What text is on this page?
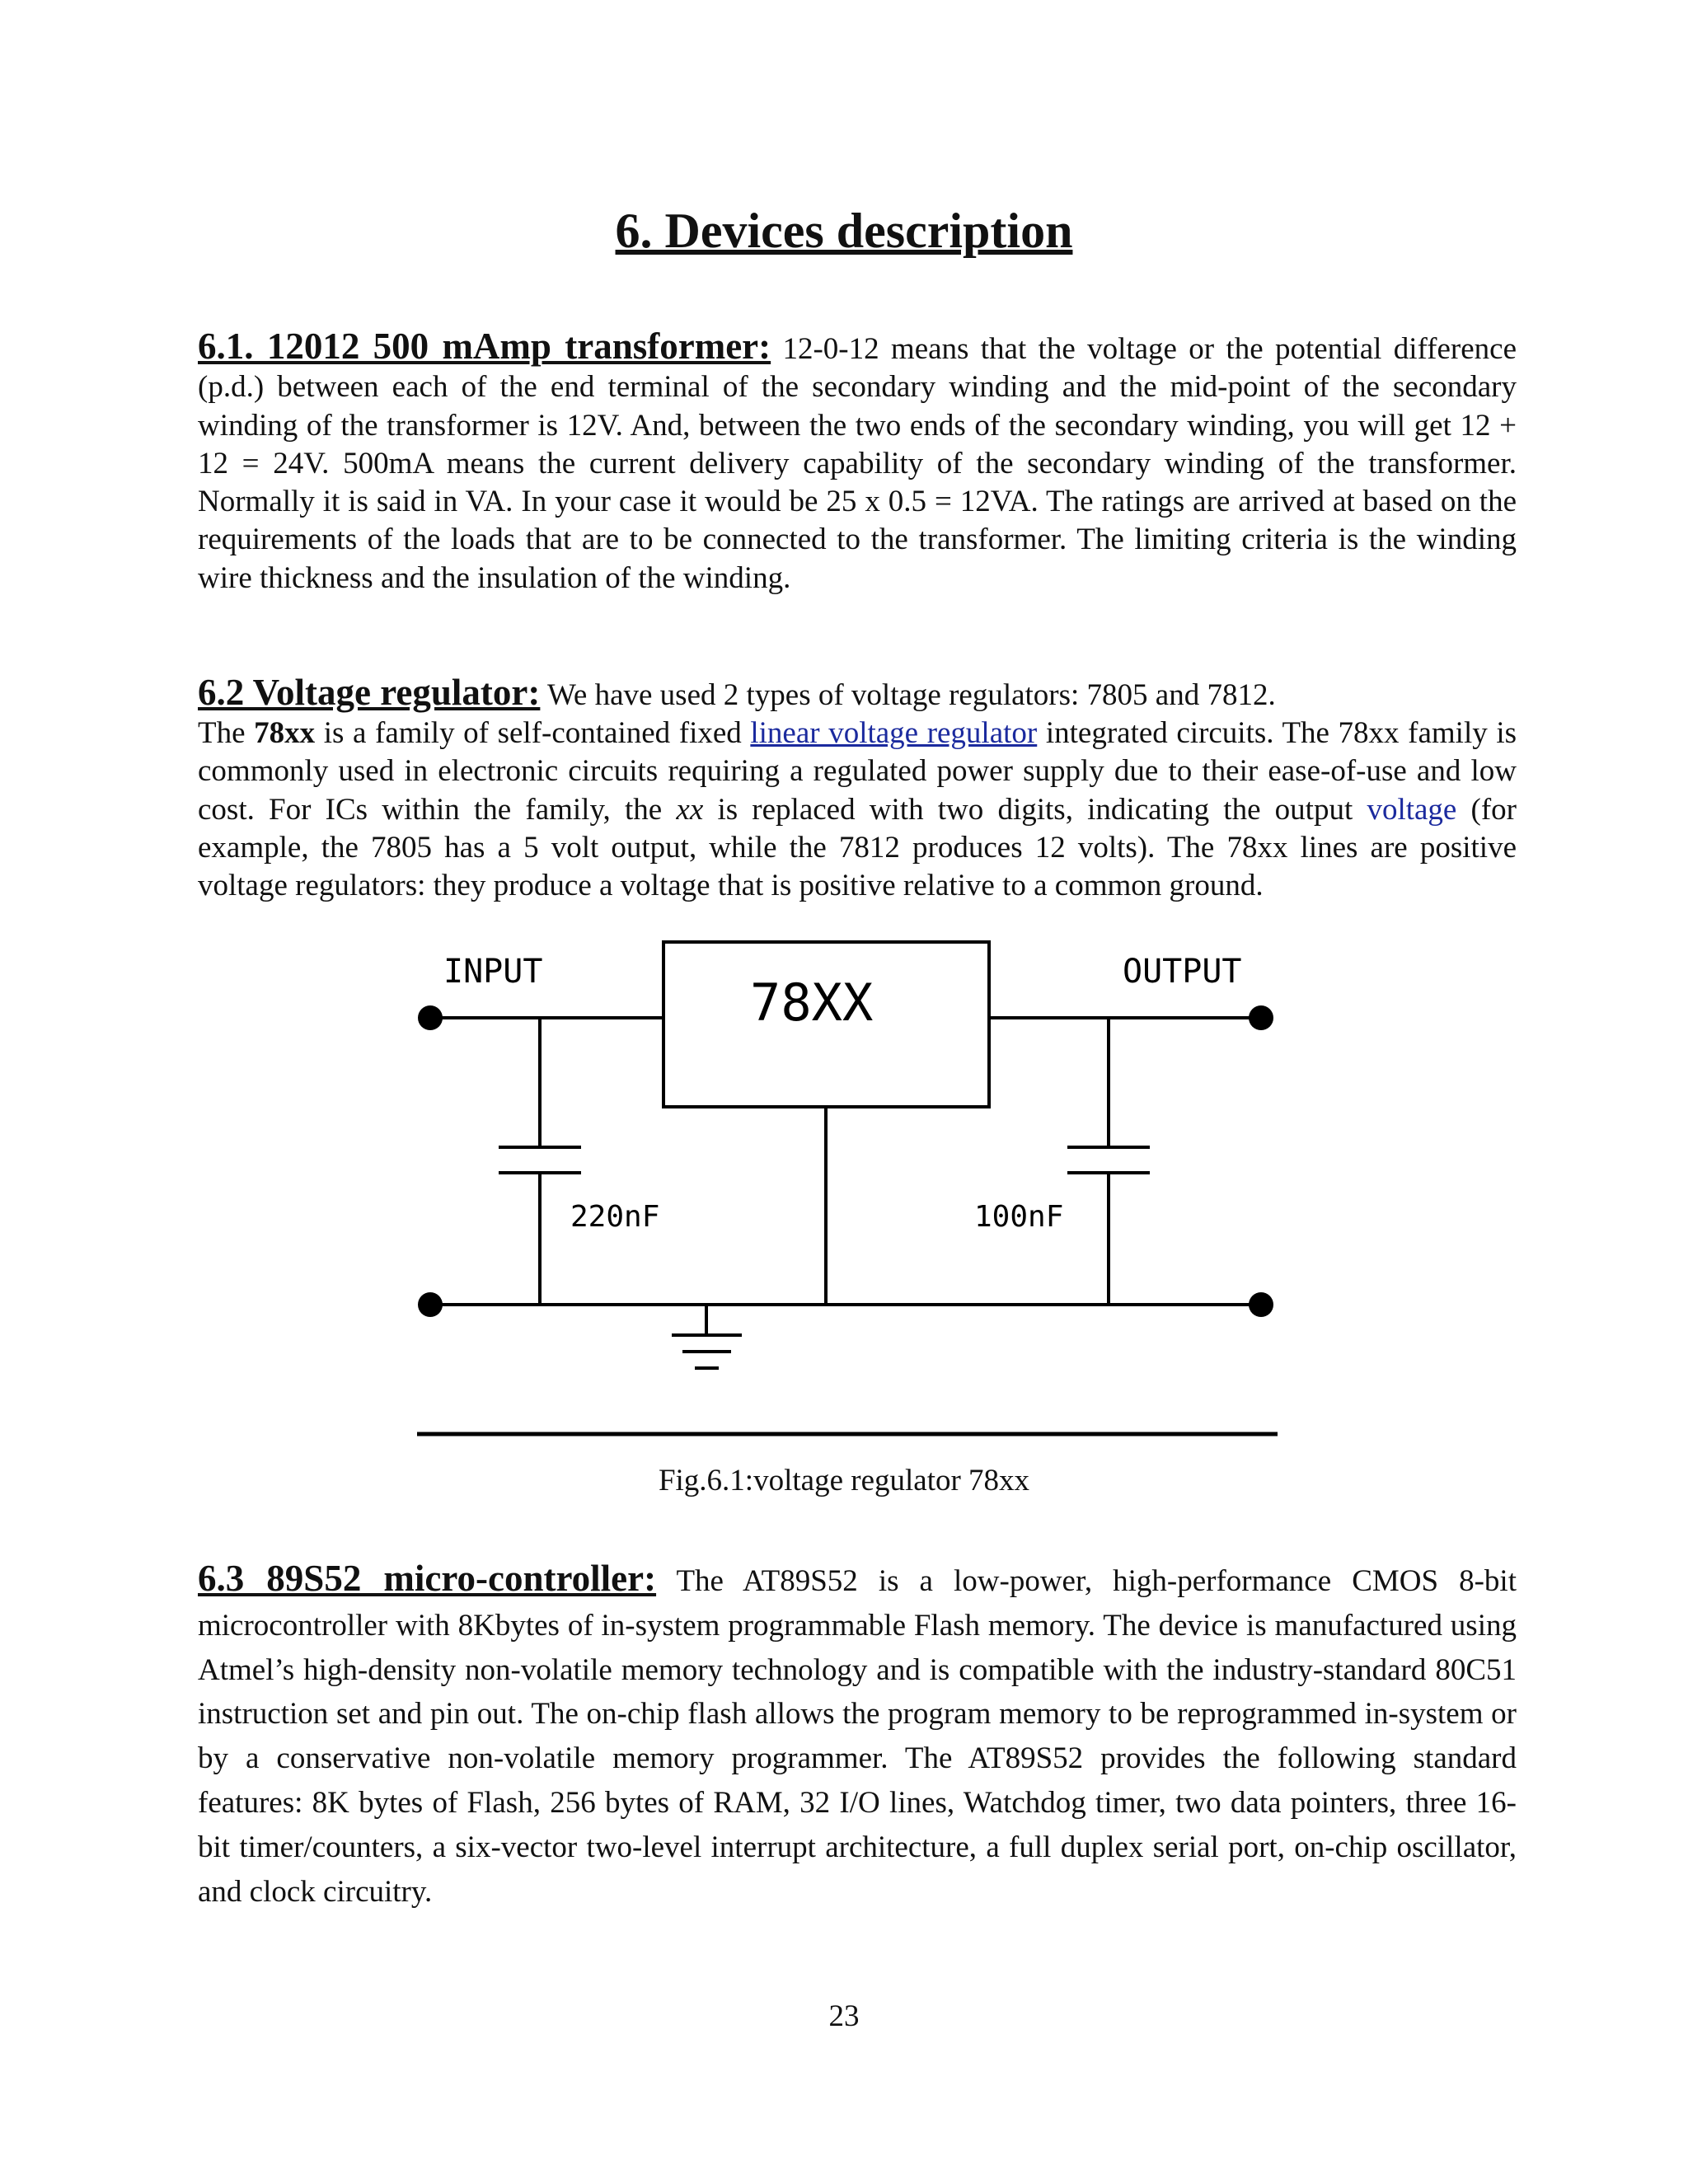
6. Devices description

6.1. 12012 500 mAmp transformer: 12-0-12 means that the voltage or the potential difference (p.d.) between each of the end terminal of the secondary winding and the mid-point of the secondary winding of the transformer is 12V. And, between the two ends of the secondary winding, you will get 12 + 12 = 24V. 500mA means the current delivery capability of the secondary winding of the transformer. Normally it is said in VA. In your case it would be 25 x 0.5 = 12VA. The ratings are arrived at based on the requirements of the loads that are to be connected to the transformer. The limiting criteria is the winding wire thickness and the insulation of the winding.

6.2 Voltage regulator: We have used 2 types of voltage regulators: 7805 and 7812.
The 78xx is a family of self-contained fixed linear voltage regulator integrated circuits. The 78xx family is commonly used in electronic circuits requiring a regulated power supply due to their ease-of-use and low cost. For ICs within the family, the xx is replaced with two digits, indicating the output voltage (for example, the 7805 has a 5 volt output, while the 7812 produces 12 volts). The 78xx lines are positive voltage regulators: they produce a voltage that is positive relative to a common ground.

INPUT	OUTPUT
78XX
220nF	100nF

Fig.6.1:voltage regulator 78xx

6.3 89S52 micro-controller: The AT89S52 is a low-power, high-performance CMOS 8-bit microcontroller with 8Kbytes of in-system programmable Flash memory. The device is manufactured using Atmel’s high-density non-volatile memory technology and is compatible with the industry-standard 80C51 instruction set and pin out. The on-chip flash allows the program memory to be reprogrammed in-system or by a conservative non-volatile memory programmer. The AT89S52 provides the following standard features: 8K bytes of Flash, 256 bytes of RAM, 32 I/O lines, Watchdog timer, two data pointers, three 16-bit timer/counters, a six-vector two-level interrupt architecture, a full duplex serial port, on-chip oscillator, and clock circuitry.

23
